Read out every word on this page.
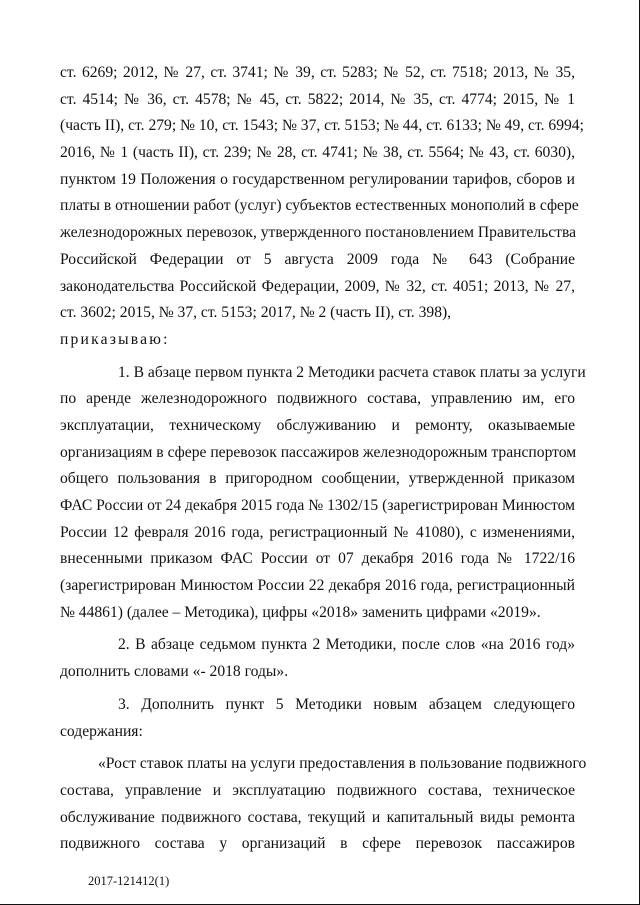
ст. 6269; 2012, № 27, ст. 3741; № 39, ст. 5283; № 52, ст. 7518; 2013, № 35,
ст. 4514; № 36, ст. 4578; № 45, ст. 5822; 2014, № 35, ст. 4774; 2015, № 1
(часть II), ст. 279; № 10, ст. 1543; № 37, ст. 5153; № 44, ст. 6133; № 49, ст. 6994;
2016, № 1 (часть II), ст. 239; № 28, ст. 4741; № 38, ст. 5564; № 43, ст. 6030),
пунктом 19 Положения о государственном регулировании тарифов, сборов и
платы в отношении работ (услуг) субъектов естественных монополий в сфере
железнодорожных перевозок, утвержденного постановлением Правительства
Российской Федерации от 5 августа 2009 года № 643 (Собрание
законодательства Российской Федерации, 2009, № 32, ст. 4051; 2013, № 27,
ст. 3602; 2015, № 37, ст. 5153; 2017, № 2 (часть II), ст. 398),
приказываю:
1. В абзаце первом пункта 2 Методики расчета ставок платы за услуги
по аренде железнодорожного подвижного состава, управлению им, его
эксплуатации, техническому обслуживанию и ремонту, оказываемые
организациям в сфере перевозок пассажиров железнодорожным транспортом
общего пользования в пригородном сообщении, утвержденной приказом
ФАС России от 24 декабря 2015 года № 1302/15 (зарегистрирован Минюстом
России 12 февраля 2016 года, регистрационный № 41080), с изменениями,
внесенными приказом ФАС России от 07 декабря 2016 года № 1722/16
(зарегистрирован Минюстом России 22 декабря 2016 года, регистрационный
№ 44861) (далее – Методика), цифры «2018» заменить цифрами «2019».
2. В абзаце седьмом пункта 2 Методики, после слов «на 2016 год»
дополнить словами «- 2018 годы».
3. Дополнить пункт 5 Методики новым абзацем следующего
содержания:
«Рост ставок платы на услуги предоставления в пользование подвижного
состава, управление и эксплуатацию подвижного состава, техническое
обслуживание подвижного состава, текущий и капитальный виды ремонта
подвижного состава у организаций в сфере перевозок пассажиров
2017-121412(1)
